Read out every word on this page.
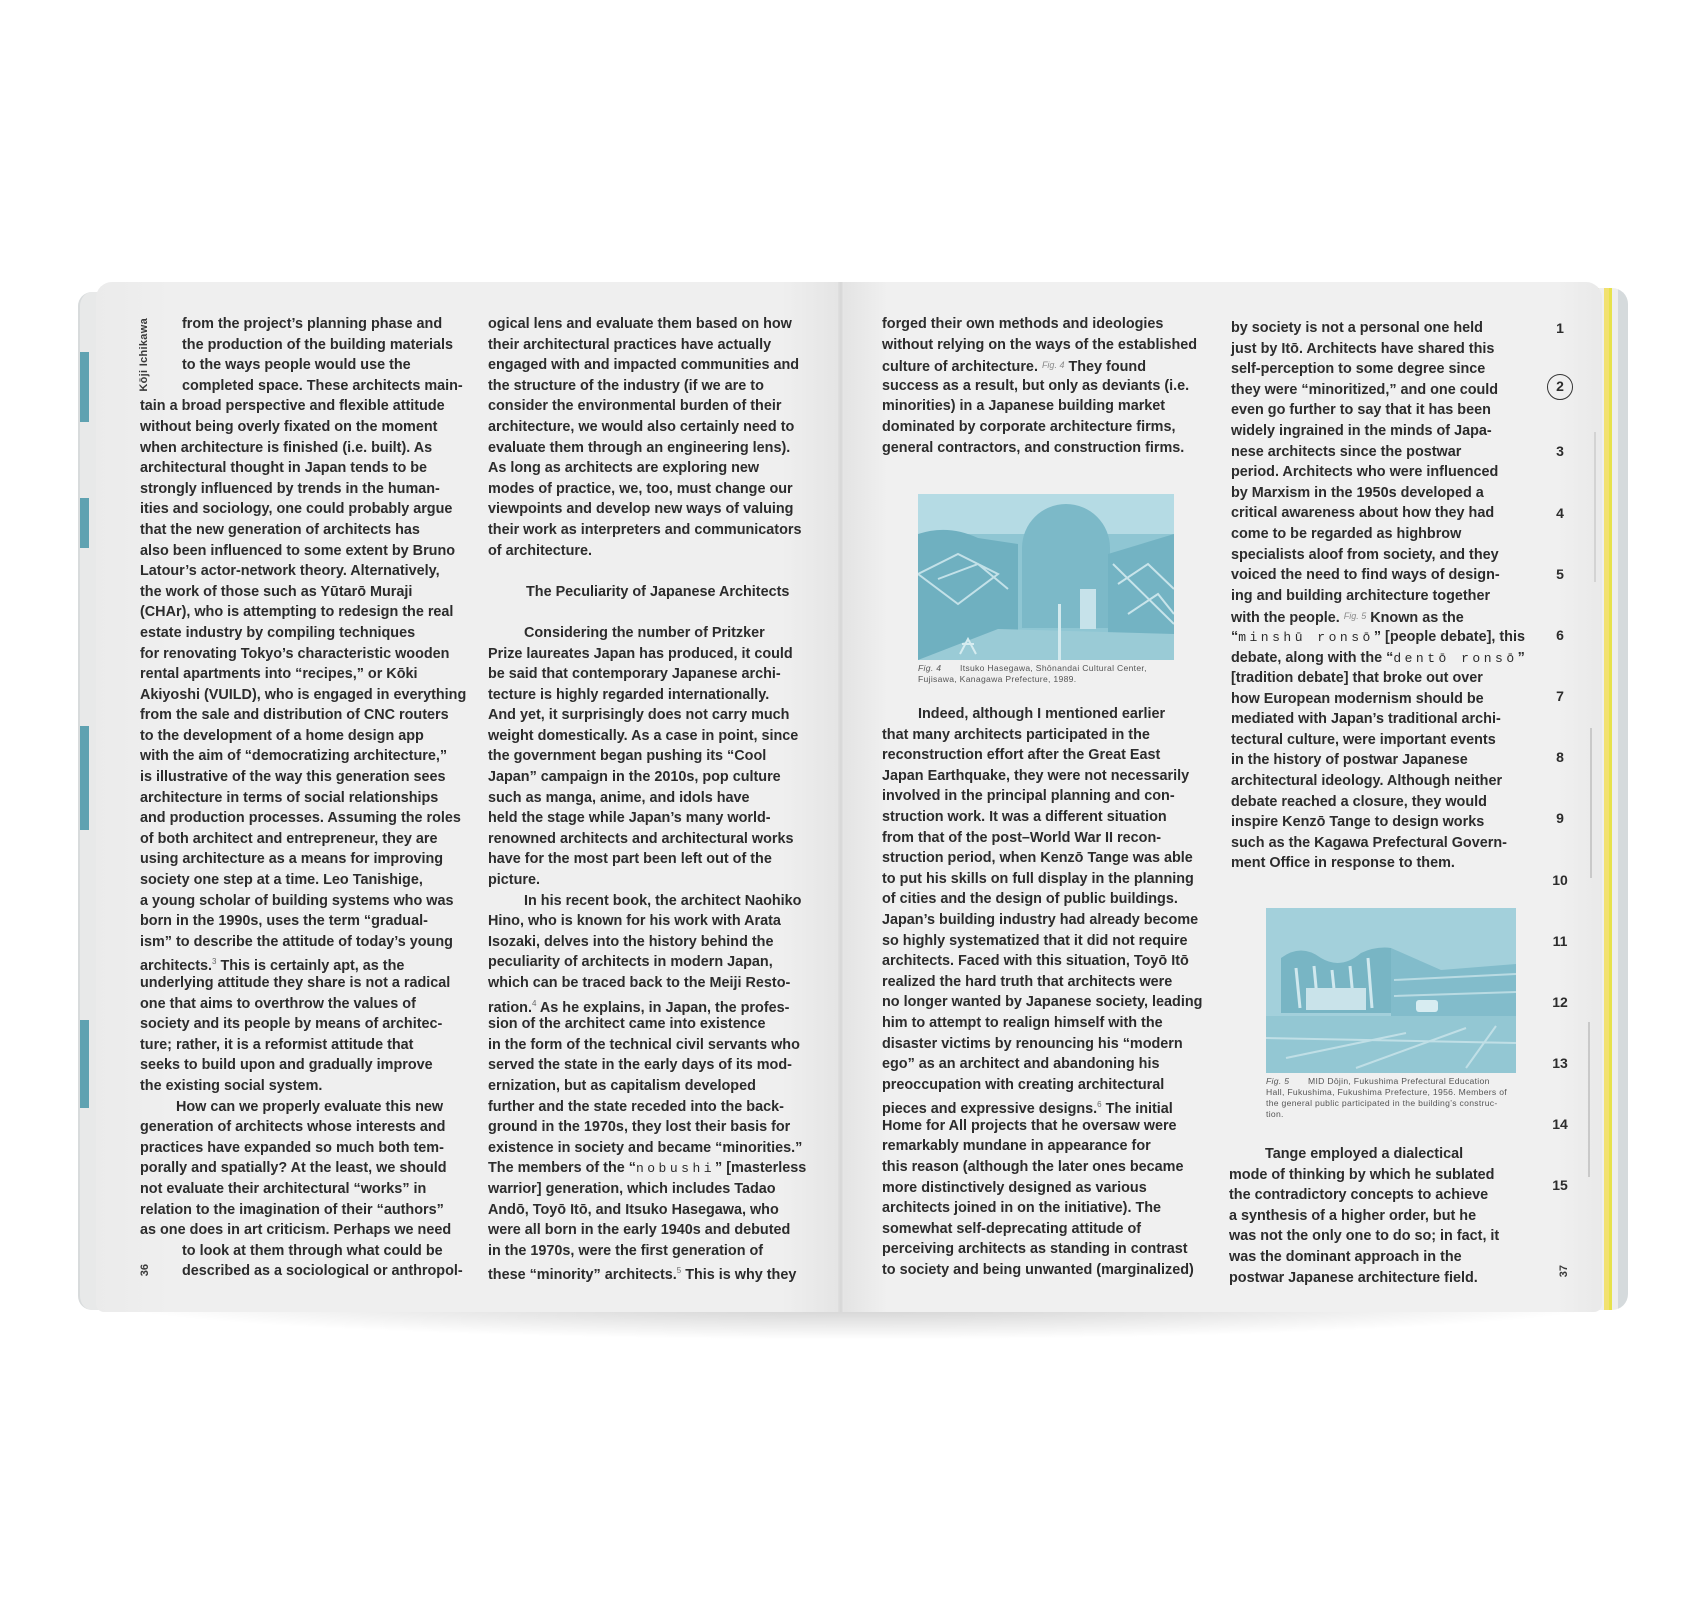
Kōji Ichikawa
36	37
from the project’s planning phase and
the production of the building materials
to the ways people would use the
completed space. These architects main-
tain a broad perspective and flexible attitude
without being overly fixated on the moment
when architecture is finished (i.e. built). As
architectural thought in Japan tends to be
strongly influenced by trends in the human-
ities and sociology, one could probably argue
that the new generation of architects has
also been influenced to some extent by Bruno
Latour’s actor-network theory. Alternatively,
the work of those such as Yūtarō Muraji
(CHAr), who is attempting to redesign the real
estate industry by compiling techniques
for renovating Tokyo’s characteristic wooden
rental apartments into “recipes,” or Kōki
Akiyoshi (VUILD), who is engaged in everything
from the sale and distribution of CNC routers
to the development of a home design app
with the aim of “democratizing architecture,”
is illustrative of the way this generation sees
architecture in terms of social relationships
and production processes. Assuming the roles
of both architect and entrepreneur, they are
using architecture as a means for improving
society one step at a time. Leo Tanishige,
a young scholar of building systems who was
born in the 1990s, uses the term “gradual-
ism” to describe the attitude of today’s young
architects.$^3$ This is certainly apt, as the
underlying attitude they share is not a radical
one that aims to overthrow the values of
society and its people by means of architec-
ture; rather, it is a reformist attitude that
seeks to build upon and gradually improve
the existing social system.
How can we properly evaluate this new
generation of architects whose interests and
practices have expanded so much both tem-
porally and spatially? At the least, we should
not evaluate their architectural “works” in
relation to the imagination of their “authors”
as one does in art criticism. Perhaps we need
to look at them through what could be
described as a sociological or anthropol-
ogical lens and evaluate them based on how
their architectural practices have actually
engaged with and impacted communities and
the structure of the industry (if we are to
consider the environmental burden of their
architecture, we would also certainly need to
evaluate them through an engineering lens).
As long as architects are exploring new
modes of practice, we, too, must change our
viewpoints and develop new ways of valuing
their work as interpreters and communicators
of architecture.
The Peculiarity of Japanese Architects
Considering the number of Pritzker
Prize laureates Japan has produced, it could
be said that contemporary Japanese archi-
tecture is highly regarded internationally.
And yet, it surprisingly does not carry much
weight domestically. As a case in point, since
the government began pushing its “Cool
Japan” campaign in the 2010s, pop culture
such as manga, anime, and idols have
held the stage while Japan’s many world-
renowned architects and architectural works
have for the most part been left out of the
picture.
In his recent book, the architect Naohiko
Hino, who is known for his work with Arata
Isozaki, delves into the history behind the
peculiarity of architects in modern Japan,
which can be traced back to the Meiji Resto-
ration.$^4$ As he explains, in Japan, the profes-
sion of the architect came into existence
in the form of the technical civil servants who
served the state in the early days of its mod-
ernization, but as capitalism developed
further and the state receded into the back-
ground in the 1970s, they lost their basis for
existence in society and became “minorities.”
The members of the “nobushi” [masterless
warrior] generation, which includes Tadao
Andō, Toyō Itō, and Itsuko Hasegawa, who
were all born in the early 1940s and debuted
in the 1970s, were the first generation of
these “minority” architects.$^5$ This is why they
forged their own methods and ideologies
without relying on the ways of the established
culture of architecture. $^{Fig. 4}$ They found
success as a result, but only as deviants (i.e.
minorities) in a Japanese building market
dominated by corporate architecture firms,
general contractors, and construction firms.
Indeed, although I mentioned earlier
that many architects participated in the
reconstruction effort after the Great East
Japan Earthquake, they were not necessarily
involved in the principal planning and con-
struction work. It was a different situation
from that of the post–World War II recon-
struction period, when Kenzō Tange was able
to put his skills on full display in the planning
of cities and the design of public buildings.
Japan’s building industry had already become
so highly systematized that it did not require
architects. Faced with this situation, Toyō Itō
realized the hard truth that architects were
no longer wanted by Japanese society, leading
him to attempt to realign himself with the
disaster victims by renouncing his “modern
ego” as an architect and abandoning his
preoccupation with creating architectural
pieces and expressive designs.$^6$ The initial
Home for All projects that he oversaw were
remarkably mundane in appearance for
this reason (although the later ones became
more distinctively designed as various
architects joined in on the initiative). The
somewhat self-deprecating attitude of
perceiving architects as standing in contrast
to society and being unwanted (marginalized)
Fig. 4 Itsuko Hasegawa, Shōnandai Cultural Center,
Fujisawa, Kanagawa Prefecture, 1989.
by society is not a personal one held
just by Itō. Architects have shared this
self-perception to some degree since
they were “minoritized,” and one could
even go further to say that it has been
widely ingrained in the minds of Japa-
nese architects since the postwar
period. Architects who were influenced
by Marxism in the 1950s developed a
critical awareness about how they had
come to be regarded as highbrow
specialists aloof from society, and they
voiced the need to find ways of design-
ing and building architecture together
with the people. $^{Fig. 5}$ Known as the
“minshū ronsō” [people debate], this
debate, along with the “dentō ronsō”
[tradition debate] that broke out over
how European modernism should be
mediated with Japan’s traditional archi-
tectural culture, were important events
in the history of postwar Japanese
architectural ideology. Although neither
debate reached a closure, they would
inspire Kenzō Tange to design works
such as the Kagawa Prefectural Govern-
ment Office in response to them.
Fig. 5 MID Dōjin, Fukushima Prefectural Education
Hall, Fukushima, Fukushima Prefecture, 1956. Members of
the general public participated in the building’s construc-
tion.
Tange employed a dialectical
mode of thinking by which he sublated
the contradictory concepts to achieve
a synthesis of a higher order, but he
was not the only one to do so; in fact, it
was the dominant approach in the
postwar Japanese architecture field.
1
2
3
4
5
6
7
8
9
10
11
12
13
14
15
